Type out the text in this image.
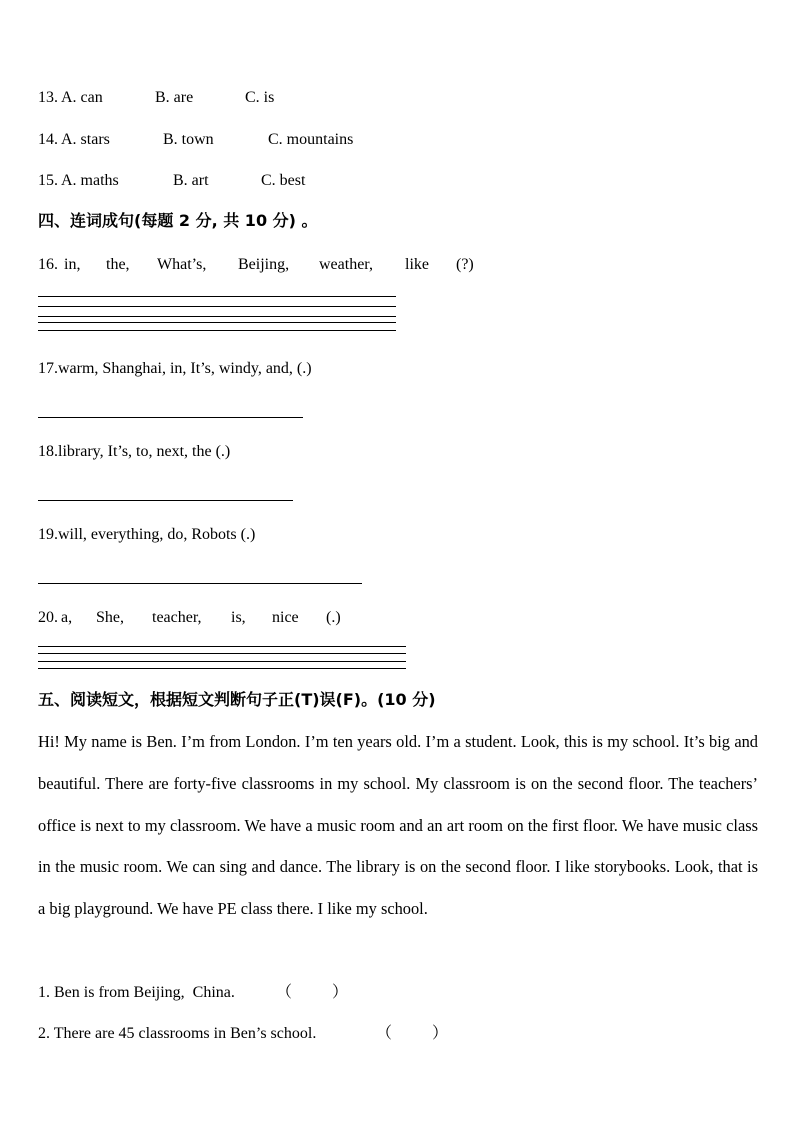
13. A. can	B. are	C. is
14. A. stars	B. town	C. mountains
15. A. maths	B. art	C. best
四、连词成句(每题 2 分, 共 10 分) 。
16. in, the, What’s, Beijing, weather, like (?)
17.warm, Shanghai, in, It’s, windy, and, (.)
18.library, It’s, to, next, the (.)
19.will, everything, do, Robots (.)
20. a, She, teacher, is, nice (.)
五、阅读短文，根据短文判断句子正(T)误(F)。(10 分)
Hi! My name is Ben. I’m from London. I’m ten years old. I’m a student. Look, this is my school. It’s big and beautiful. There are forty-five classrooms in my school. My classroom is on the second floor. The teachers’ office is next to my classroom. We have a music room and an art room on the first floor. We have music class in the music room. We can sing and dance. The library is on the second floor. I like storybooks. Look, that is a big playground. We have PE class there. I like my school.
1. Ben is from Beijing,  China.	（          ）
2. There are 45 classrooms in Ben’s school.	（          ）
